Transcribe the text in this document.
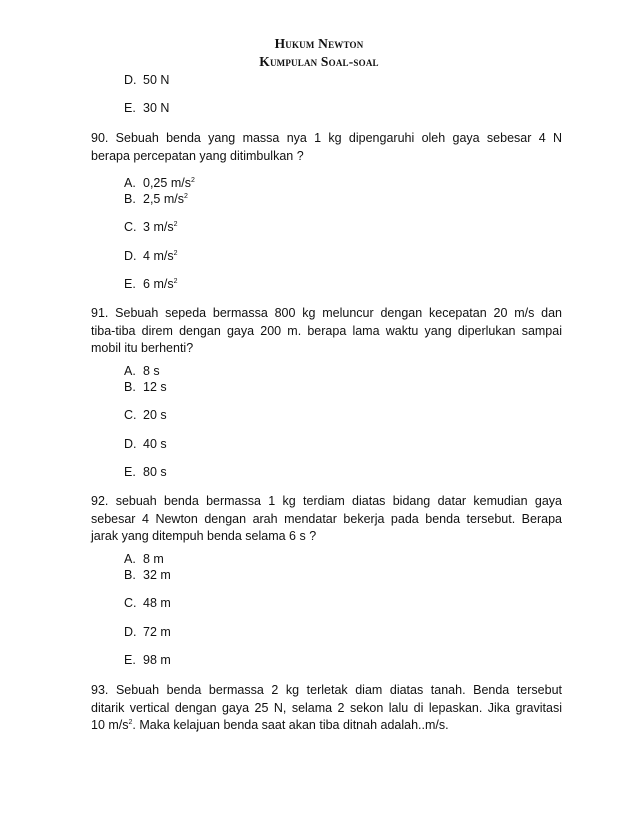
Hukum Newton
Kumpulan Soal-soal
D. 50 N
E. 30 N
90. Sebuah benda yang massa nya 1 kg dipengaruhi oleh gaya sebesar 4 N
berapa percepatan yang ditimbulkan ?
A. 0,25 $m/s^2$
B. 2,5 $m/s^2$
C. 3 $m/s^2$
D. 4 $m/s^2$
E. 6 $m/s^2$
91. Sebuah sepeda bermassa 800 kg meluncur dengan kecepatan 20 m/s dan
tiba-tiba direm dengan gaya 200 m. berapa lama waktu yang diperlukan sampai
mobil itu berhenti?
A. 8 s
B. 12 s
C. 20 s
D. 40 s
E. 80 s
92. sebuah benda bermassa 1 kg terdiam diatas bidang datar kemudian gaya
sebesar 4 Newton dengan arah mendatar bekerja pada benda tersebut. Berapa
jarak yang ditempuh benda selama 6 s ?
A. 8 m
B. 32 m
C. 48 m
D. 72 m
E. 98 m
93. Sebuah benda bermassa 2 kg terletak diam diatas tanah. Benda tersebut
ditarik vertical dengan gaya 25 N, selama 2 sekon lalu di lepaskan. Jika gravitasi
10 $m/s^2$. Maka kelajuan benda saat akan tiba ditnah adalah..m/s.
